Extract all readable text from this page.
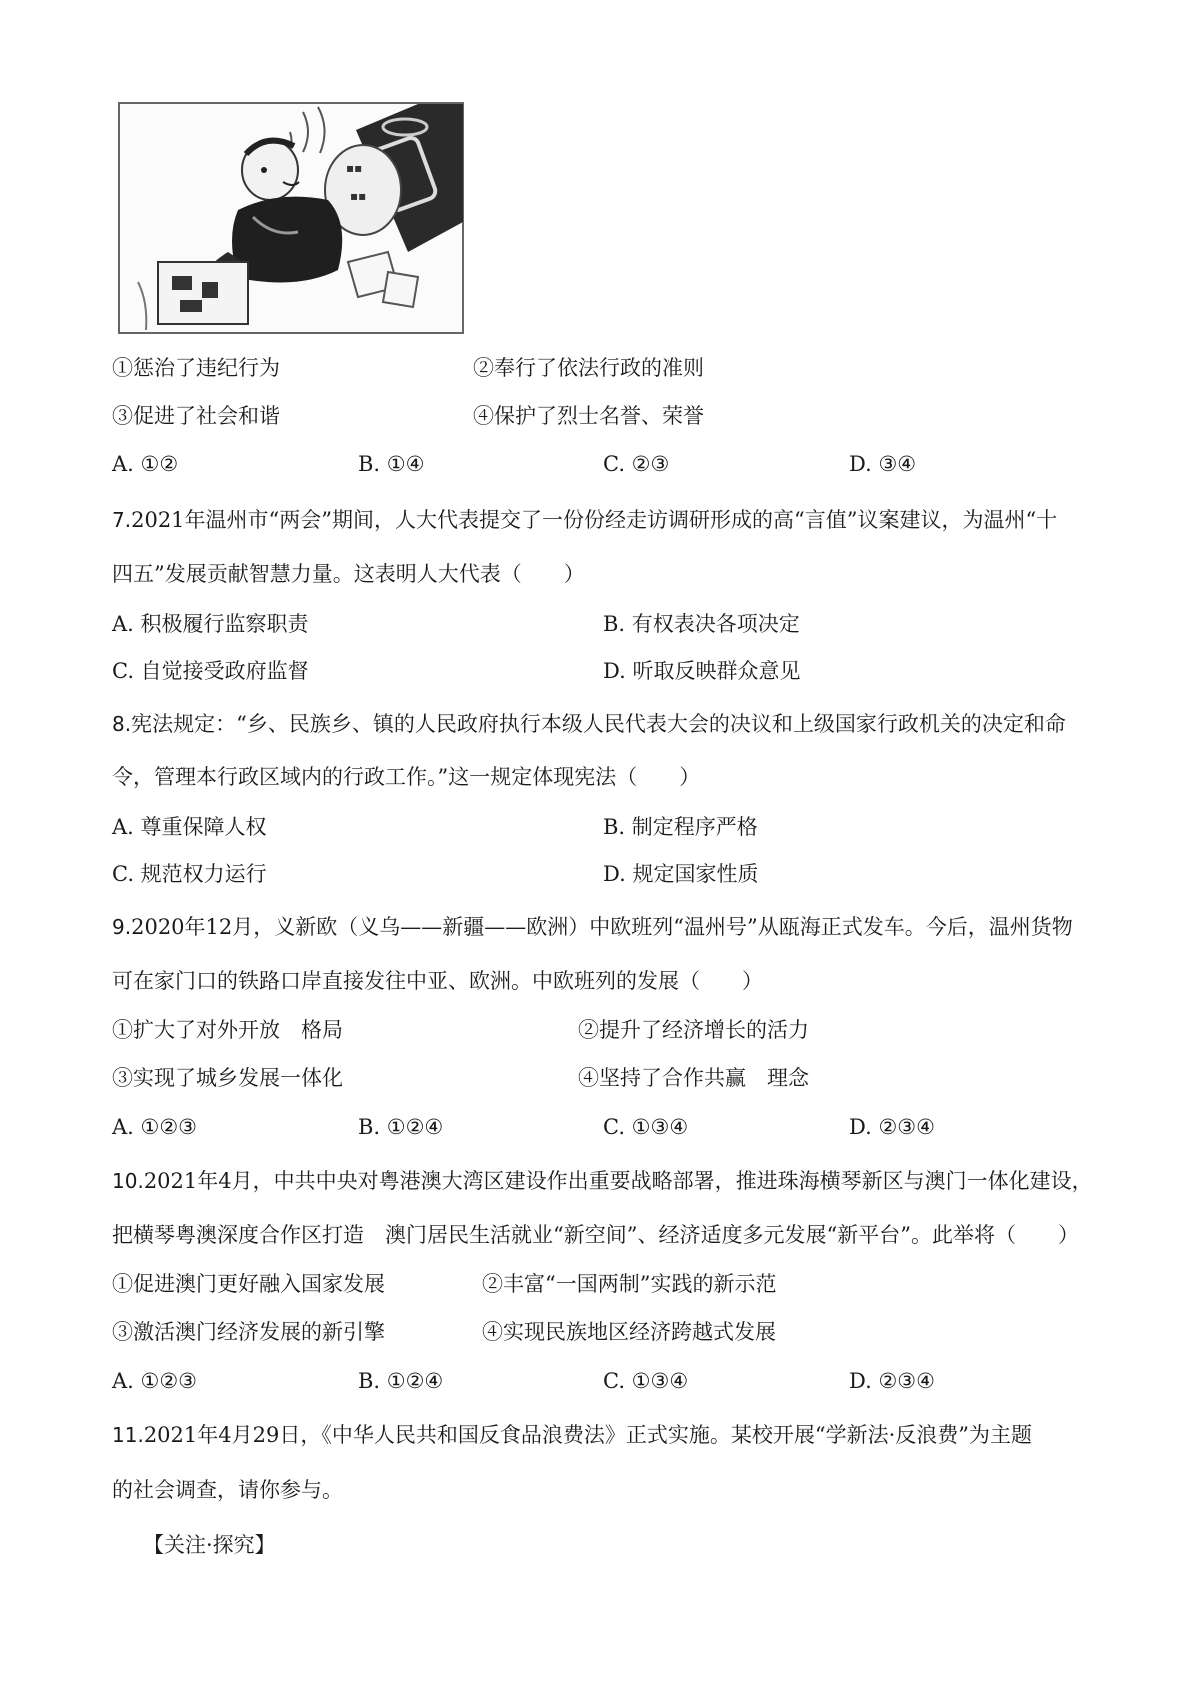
▪▪
▪▪
①惩治了违纪行为	②奉行了依法行政的准则
③促进了社会和谐	④保护了烈士名誉、荣誉
A. ①②	B. ①④	C. ②③	D. ③④
7.2021年温州市“两会”期间，人大代表提交了一份份经走访调研形成的高“言值”议案建议，为温州“十
四五”发展贡献智慧力量。这表明人大代表（　　）
A. 积极履行监察职责	B. 有权表决各项决定
C. 自觉接受政府监督	D. 听取反映群众意见
8.宪法规定：“乡、民族乡、镇的人民政府执行本级人民代表大会的决议和上级国家行政机关的决定和命
令，管理本行政区域内的行政工作。”这一规定体现宪法（　　）
A. 尊重保障人权	B. 制定程序严格
C. 规范权力运行	D. 规定国家性质
9.2020年12月，义新欧（义乌——新疆——欧洲）中欧班列“温州号”从瓯海正式发车。今后，温州货物
可在家门口的铁路口岸直接发往中亚、欧洲。中欧班列的发展（　　）
①扩大了对外开放　格局	②提升了经济增长的活力
③实现了城乡发展一体化	④坚持了合作共赢　理念
A. ①②③	B. ①②④	C. ①③④	D. ②③④
10.2021年4月，中共中央对粤港澳大湾区建设作出重要战略部署，推进珠海横琴新区与澳门一体化建设，
把横琴粤澳深度合作区打造　澳门居民生活就业“新空间”、经济适度多元发展“新平台”。此举将（　　）
①促进澳门更好融入国家发展	②丰富“一国两制”实践的新示范
③激活澳门经济发展的新引擎	④实现民族地区经济跨越式发展
A. ①②③	B. ①②④	C. ①③④	D. ②③④
11.2021年4月29日，《中华人民共和国反食品浪费法》正式实施。某校开展“学新法·反浪费”为主题
的社会调查，请你参与。
【关注·探究】
